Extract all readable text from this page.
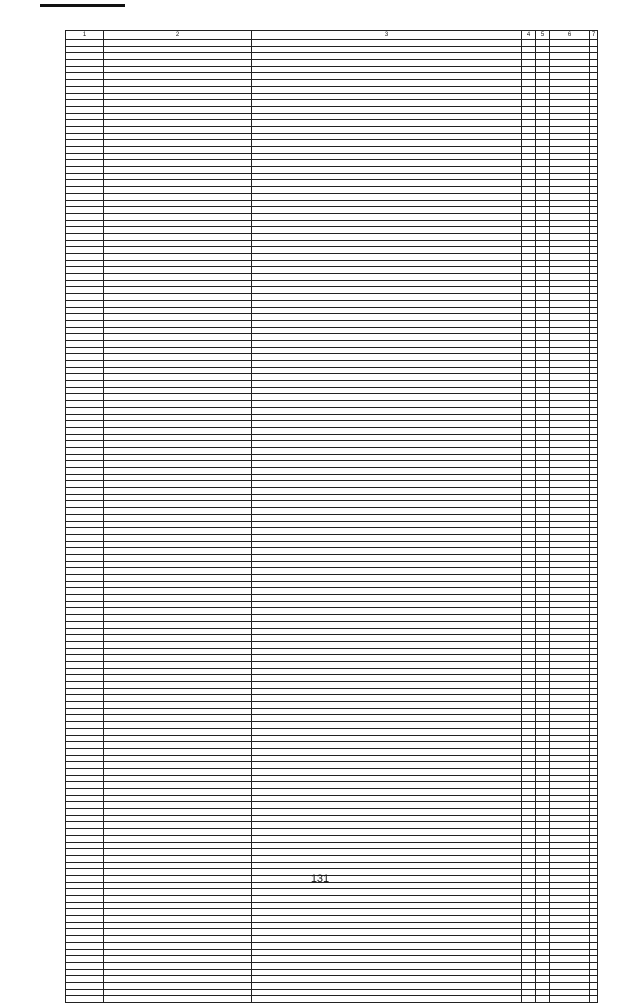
1	2	3	4	5	6	7

131
